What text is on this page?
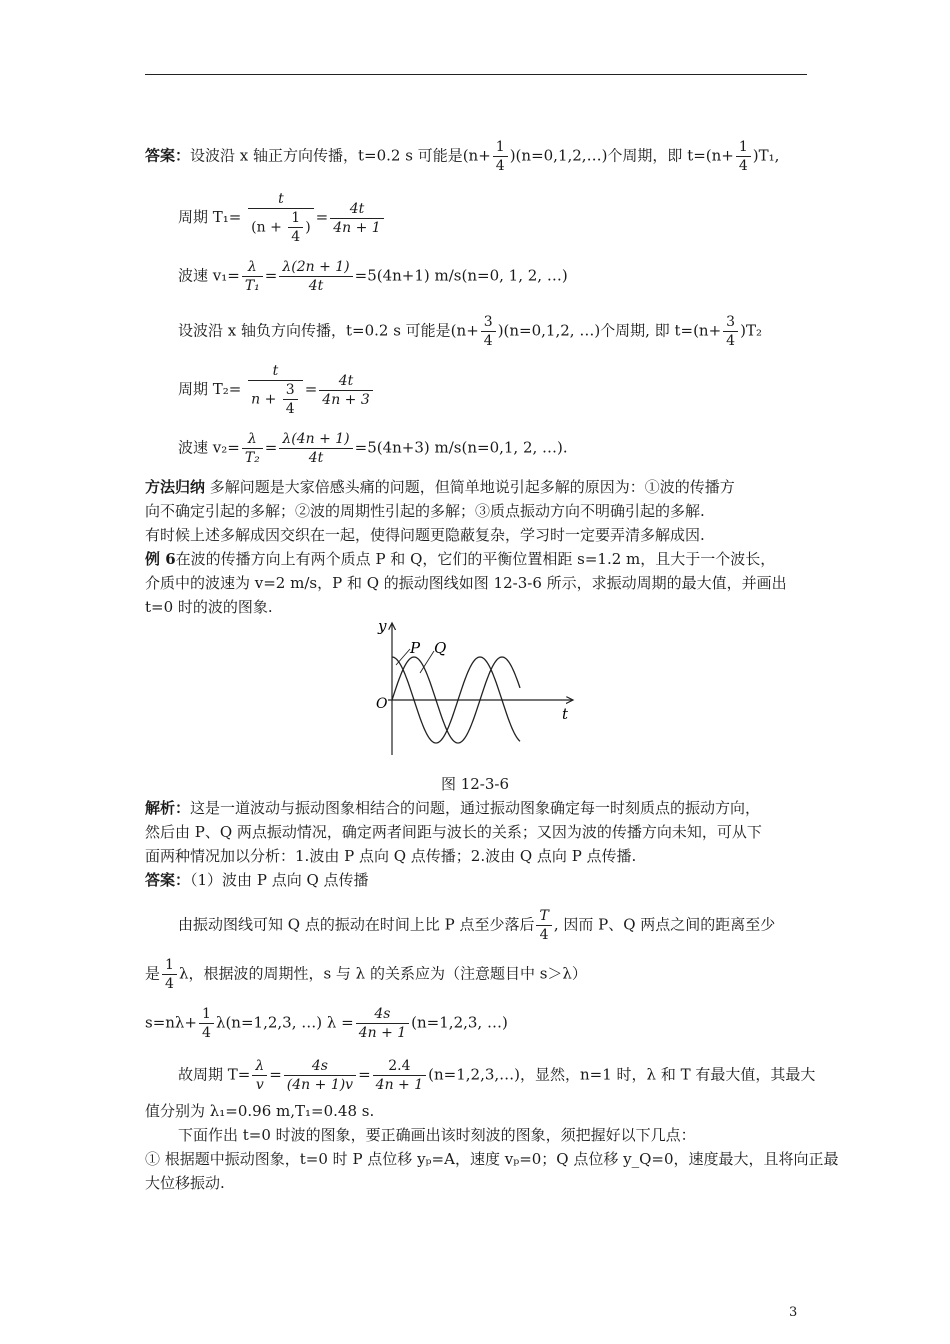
答案：设波沿 x 轴正方向传播，t=0.2 s 可能是($n+ \frac{1}{4}$ )(n=0,1,2,…)个周期，即 $t=(n+ \frac{1}{4} )T_1$,
周期 $T_1= \frac{t}{(n + \frac{1}{4} )} = \frac{4t}{4n + 1}$
波速 $v_1= \frac{\lambda}{\text{T₁}} = \frac{\lambda(2n + 1)}{4t} =5(4n+1)$ m/s(n=0, 1, 2, …)
设波沿 x 轴负方向传播，t=0.2 s 可能是$(n+ \frac{3}{4} )(n=0,1,2$, …)个周期, 即 $t=(n+ \frac{3}{4} )T_2$
周期 $T_2= \frac{t}{n + \frac{3}{4}} = \frac{4t}{4n + 3}$
波速 $v_2= \frac{\lambda}{\text{T₂}} = \frac{\lambda(4n + 1)}{4t} =5(4n+3)$ m/s(n=0,1, 2, …).
方法归纳 多解问题是大家倍感头痛的问题，但简单地说引起多解的原因为：①波的传播方
向不确定引起的多解；②波的周期性引起的多解；③质点振动方向不明确引起的多解.
有时候上述多解成因交织在一起，使得问题更隐蔽复杂，学习时一定要弄清多解成因.
例 6在波的传播方向上有两个质点 P 和 Q，它们的平衡位置相距 s=1.2 m，且大于一个波长，
介质中的波速为 v=2 m/s，P 和 Q 的振动图线如图 12-3-6 所示，求振动周期的最大值，并画出
t=0 时的波的图象.
y
t
O
P Q
图 12-3-6
解析：这是一道波动与振动图象相结合的问题，通过振动图象确定每一时刻质点的振动方向，
然后由 P、Q 两点振动情况，确定两者间距与波长的关系；又因为波的传播方向未知，可从下
面两种情况加以分析：1.波由 P 点向 Q 点传播；2.波由 Q 点向 P 点传播.
答案：（1）波由 P 点向 Q 点传播
由振动图线可知 Q 点的振动在时间上比 P 点至少落后 $\frac{T}{4}$ , 因而 P、Q 两点之间的距离至少
是 $\frac{1}{4}$ λ，根据波的周期性，s 与 λ 的关系应为（注意题目中 s＞λ）
$s=n\lambda+ \frac{1}{4} \lambda(n=1,2,3$, …) $\lambda = \frac{4s}{4n + 1} (n=1,2,3$, …)
故周期 $T= \frac{\lambda}{v} = \frac{4s}{(4n + 1)v} = \frac{2.4}{4n + 1}$ (n=1,2,3,…)，显然，n=1 时，λ 和 T 有最大值，其最大
值分别为 λ₁=0.96 m,T₁=0.48 s.
下面作出 t=0 时波的图象，要正确画出该时刻波的图象，须把握好以下几点：
① 根据题中振动图象，t=0 时 P 点位移 yₚ=A，速度 vₚ=0；Q 点位移 y_Q=0，速度最大，且将向正最
大位移振动.
3
